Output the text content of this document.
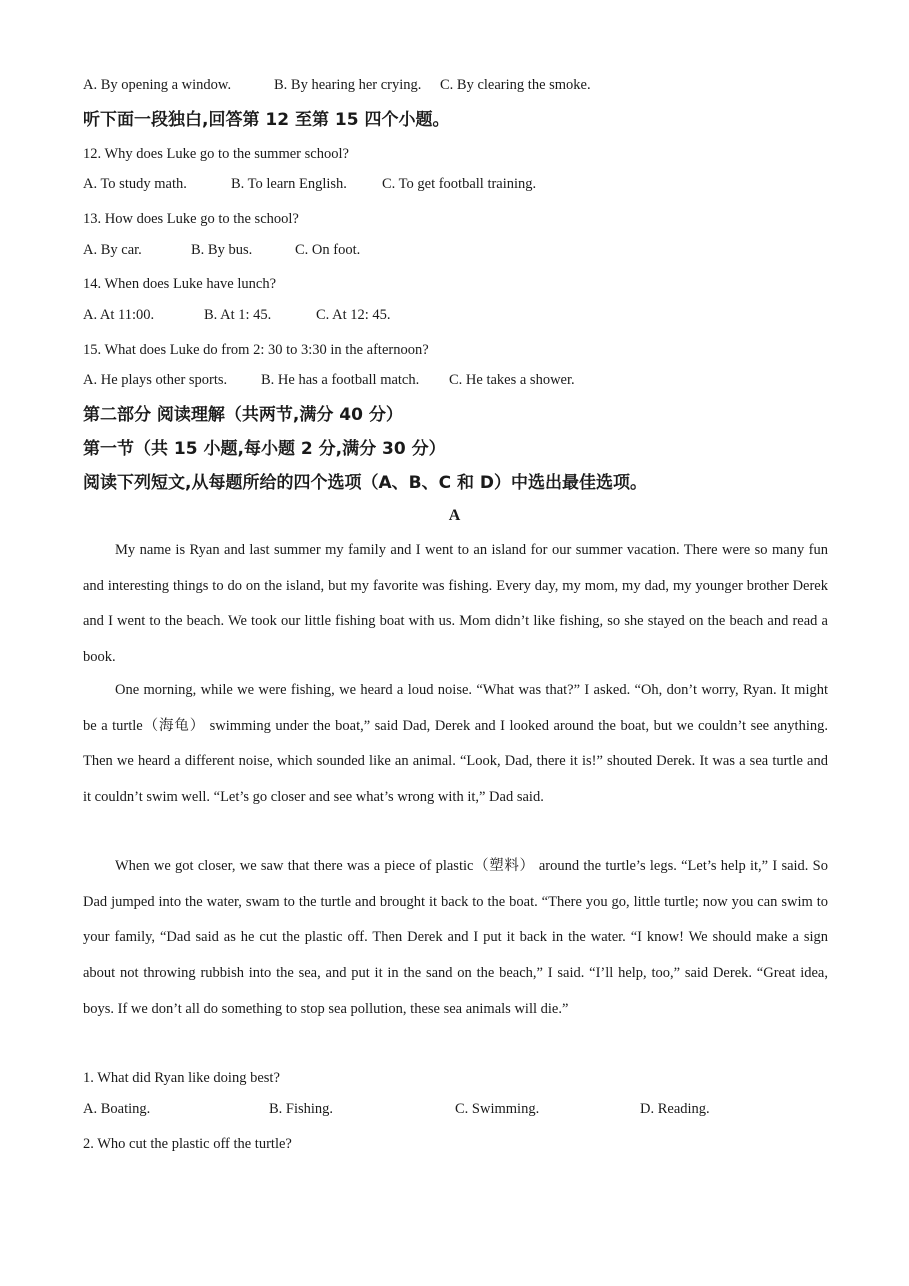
A. By opening a window.	B. By hearing her crying. C. By clearing the smoke.
听下面一段独白,回答第 12 至第 15 四个小题。
12. Why does Luke go to the summer school?
A. To study math.	B. To learn English. C. To get football training.
13. How does Luke go to the school?
A. By car.	B. By bus.	C. On foot.
14. When does Luke have lunch?
A. At 11:00.	B. At 1: 45.	C. At 12: 45.
15. What does Luke do from 2: 30 to 3:30 in the afternoon?
A. He plays other sports. B. He has a football match. C. He takes a shower.
第二部分 阅读理解（共两节,满分 40 分）
第一节（共 15 小题,每小题 2 分,满分 30 分）
阅读下列短文,从每题所给的四个选项（A、B、C 和 D）中选出最佳选项。
A

My name is Ryan and last summer my family and I went to an island for our summer vacation. There were so many fun and interesting things to do on the island, but my favorite was fishing. Every day, my mom, my dad, my younger brother Derek and I went to the beach. We took our little fishing boat with us. Mom didn’t like fishing, so she stayed on the beach and read a book.

One morning, while we were fishing, we heard a loud noise. “What was that?” I asked. “Oh, don’t worry, Ryan. It might be a turtle（海龟） swimming under the boat,” said Dad, Derek and I looked around the boat, but we couldn’t see anything. Then we heard a different noise, which sounded like an animal. “Look, Dad, there it is!” shouted Derek. It was a sea turtle and it couldn’t swim well. “Let’s go closer and see what’s wrong with it,” Dad said.

When we got closer, we saw that there was a piece of plastic（塑料） around the turtle’s legs. “Let’s help it,” I said. So Dad jumped into the water, swam to the turtle and brought it back to the boat. “There you go, little turtle; now you can swim to your family, “Dad said as he cut the plastic off. Then Derek and I put it back in the water. “I know! We should make a sign about not throwing rubbish into the sea, and put it in the sand on the beach,” I said. “I’ll help, too,” said Derek. “Great idea, boys. If we don’t all do something to stop sea pollution, these sea animals will die.”

1. What did Ryan like doing best?
A. Boating.	B. Fishing.	C. Swimming.	D. Reading.
2. Who cut the plastic off the turtle?
